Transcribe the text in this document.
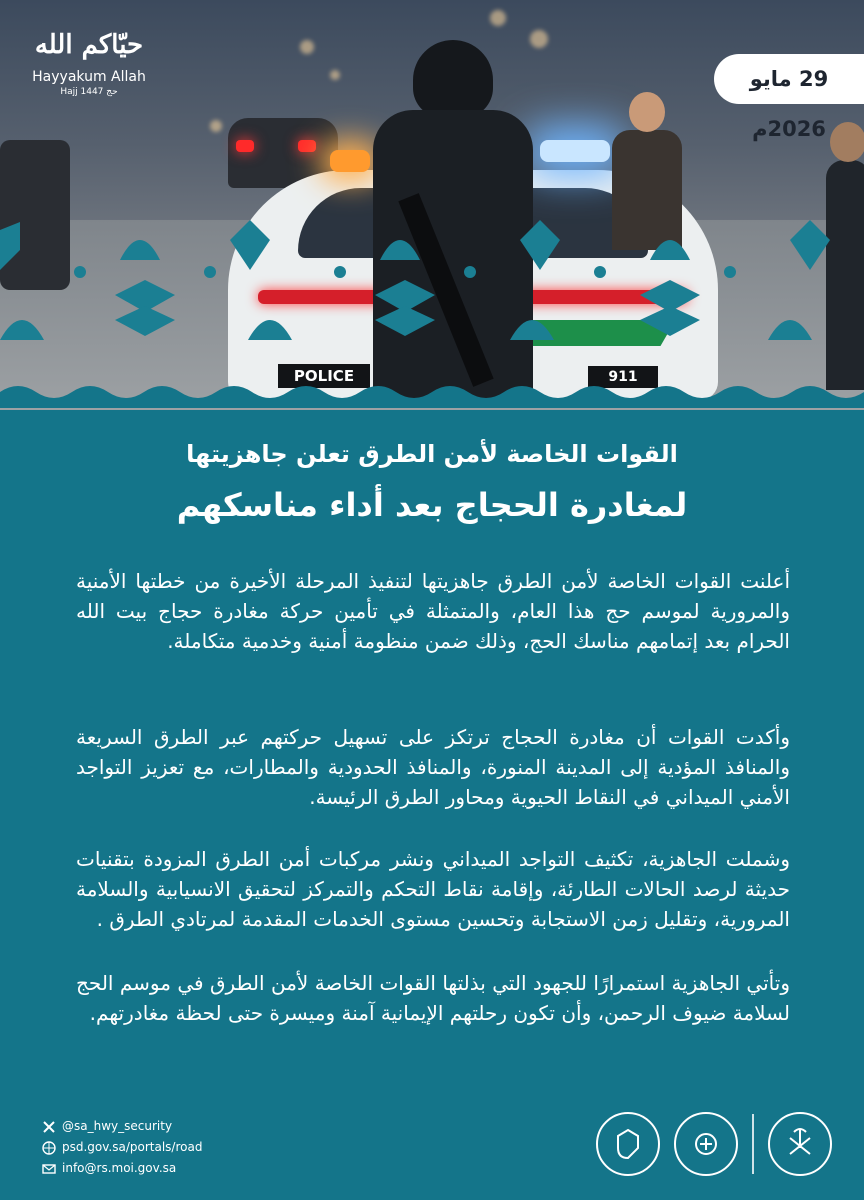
POLICE	911
حيّاكم الله
Hayyakum Allah
Hajj 1447 حج
29 مايو 2026م
القوات الخاصة لأمن الطرق تعلن جاهزيتها
لمغادرة الحجاج بعد أداء مناسكهم
أعلنت القوات الخاصة لأمن الطرق جاهزيتها لتنفيذ المرحلة الأخيرة من خطتها الأمنية والمرورية لموسم حج هذا العام، والمتمثلة في تأمين حركة مغادرة حجاج بيت الله الحرام بعد إتمامهم مناسك الحج، وذلك ضمن منظومة أمنية وخدمية متكاملة.
وأكدت القوات أن مغادرة الحجاج ترتكز على تسهيل حركتهم عبر الطرق السريعة والمنافذ المؤدية إلى المدينة المنورة، والمنافذ الحدودية والمطارات، مع تعزيز التواجد الأمني الميداني في النقاط الحيوية ومحاور الطرق الرئيسة.
وشملت الجاهزية، تكثيف التواجد الميداني ونشر مركبات أمن الطرق المزودة بتقنيات حديثة لرصد الحالات الطارئة، وإقامة نقاط التحكم والتمركز لتحقيق الانسيابية والسلامة المرورية، وتقليل زمن الاستجابة وتحسين مستوى الخدمات المقدمة لمرتادي الطرق .
وتأتي الجاهزية استمرارًا للجهود التي بذلتها القوات الخاصة لأمن الطرق في موسم الحج لسلامة ضيوف الرحمن، وأن تكون رحلتهم الإيمانية آمنة وميسرة حتى لحظة مغادرتهم.
@sa_hwy_security
psd.gov.sa/portals/road
info@rs.moi.gov.sa
